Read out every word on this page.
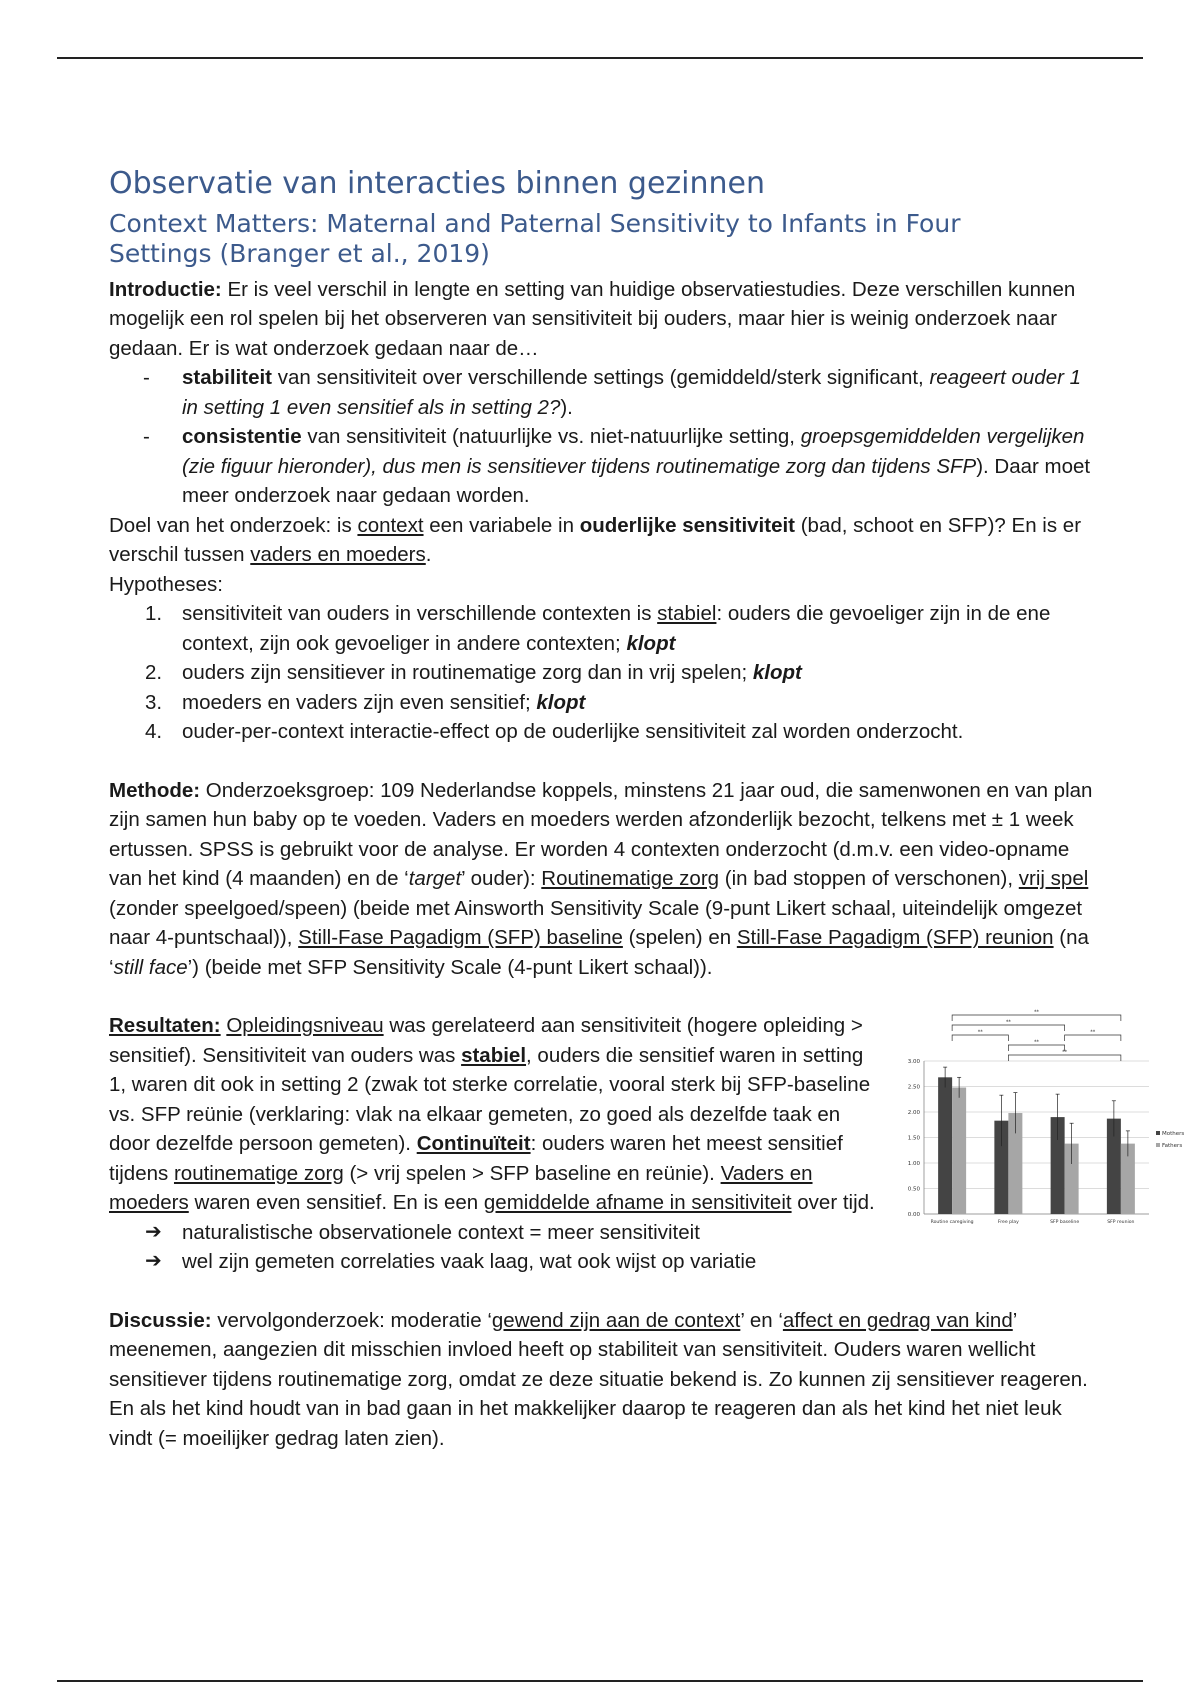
Observatie van interacties binnen gezinnen
Context Matters: Maternal and Paternal Sensitivity to Infants in Four Settings (Branger et al., 2019)

Introductie: Er is veel verschil in lengte en setting van huidige observatiestudies. Deze verschillen kunnen mogelijk een rol spelen bij het observeren van sensitiviteit bij ouders, maar hier is weinig onderzoek naar gedaan. Er is wat onderzoek gedaan naar de…

- stabiliteit van sensitiviteit over verschillende settings (gemiddeld/sterk significant, reageert ouder 1 in setting 1 even sensitief als in setting 2?).
- consistentie van sensitiviteit (natuurlijke vs. niet-natuurlijke setting, groepsgemiddelden vergelijken (zie figuur hieronder), dus men is sensitiever tijdens routinematige zorg dan tijdens SFP). Daar moet meer onderzoek naar gedaan worden.

Doel van het onderzoek: is context een variabele in ouderlijke sensitiviteit (bad, schoot en SFP)? En is er verschil tussen vaders en moeders.

Hypotheses:

1. sensitiviteit van ouders in verschillende contexten is stabiel: ouders die gevoeliger zijn in de ene context, zijn ook gevoeliger in andere contexten; klopt
2. ouders zijn sensitiever in routinematige zorg dan in vrij spelen; klopt
3. moeders en vaders zijn even sensitief; klopt
4. ouder-per-context interactie-effect op de ouderlijke sensitiviteit zal worden onderzocht.

Methode: Onderzoeksgroep: 109 Nederlandse koppels, minstens 21 jaar oud, die samenwonen en van plan zijn samen hun baby op te voeden. Vaders en moeders werden afzonderlijk bezocht, telkens met ± 1 week ertussen. SPSS is gebruikt voor de analyse. Er worden 4 contexten onderzocht (d.m.v. een video-opname van het kind (4 maanden) en de ‘target’ ouder): Routinematige zorg (in bad stoppen of verschonen), vrij spel (zonder speelgoed/speen) (beide met Ainsworth Sensitivity Scale (9-punt Likert schaal, uiteindelijk omgezet naar 4-puntschaal)), Still-Fase Pagadigm (SFP) baseline (spelen) en Still-Fase Pagadigm (SFP) reunion (na ‘still face’) (beide met SFP Sensitivity Scale (4-punt Likert schaal)).

Resultaten: Opleidingsniveau was gerelateerd aan sensitiviteit (hogere opleiding > sensitief). Sensitiviteit van ouders was stabiel, ouders die sensitief waren in setting 1, waren dit ook in setting 2 (zwak tot sterke correlatie, vooral sterk bij SFP-baseline vs. SFP reünie (verklaring: vlak na elkaar gemeten, zo goed als dezelfde taak en door dezelfde persoon gemeten). Continuïteit: ouders waren het meest sensitief tijdens routinematige zorg (> vrij spelen > SFP baseline en reünie). Vaders en moeders waren even sensitief. En is een gemiddelde afname in sensitiviteit over tijd.

➔ naturalistische observationele context = meer sensitiviteit
➔ wel zijn gemeten correlaties vaak laag, wat ook wijst op variatie
0.00
0.50
1.00
1.50
2.00
2.50
3.00
Routine caregiving	Free play	SFP baseline	SFP reunion
**
**
**	**
**
**
Mothers
Fathers

Discussie: vervolgonderzoek: moderatie ‘gewend zijn aan de context’ en ‘affect en gedrag van kind’ meenemen, aangezien dit misschien invloed heeft op stabiliteit van sensitiviteit. Ouders waren wellicht sensitiever tijdens routinematige zorg, omdat ze deze situatie bekend is. Zo kunnen zij sensitiever reageren. En als het kind houdt van in bad gaan in het makkelijker daarop te reageren dan als het kind het niet leuk vindt (= moeilijker gedrag laten zien).
